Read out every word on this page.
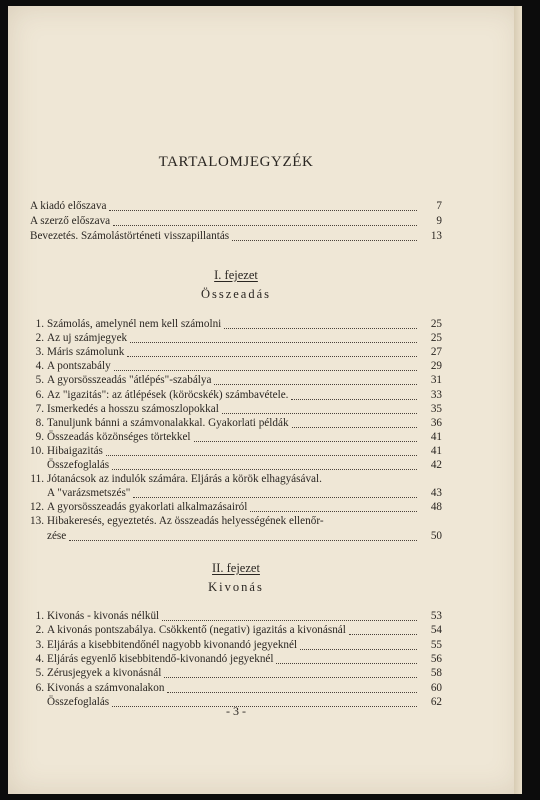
TARTALOMJEGYZÉK
I. fejezet
Összeadás
II. fejezet
Kivonás
- 3 -
A kiadó előszava	7
A szerző előszava	9
Bevezetés. Számolástörténeti visszapillantás	13
1. Számolás, amelynél nem kell számolni	25
2. Az uj számjegyek	25
3. Máris számolunk	27
4. A pontszabály	29
5. A gyorsösszeadás "átlépés"-szabálya	31
6. Az "igazitás": az átlépések (köröcskék) számbavétele.	33
7. Ismerkedés a hosszu számoszlopokkal	35
8. Tanuljunk bánni a számvonalakkal. Gyakorlati példák	36
9. Összeadás közönséges törtekkel	41
10. Hibaigazitás	41
Összefoglalás	42
11. Jótanácsok az indulók számára. Eljárás a körök elhagyásával.
A "varázsmetszés"	43
12. A gyorsösszeadás gyakorlati alkalmazásairól	48
13. Hibakeresés, egyeztetés. Az összeadás helyességének ellenőr-
zése	50
1. Kivonás - kivonás nélkül	53
2. A kivonás pontszabálya. Csökkentő (negativ) igazitás a kivonásnál	54
3. Eljárás a kisebbitendőnél nagyobb kivonandó jegyeknél	55
4. Eljárás egyenlő kisebbitendő-kivonandó jegyeknél	56
5. Zérusjegyek a kivonásnál	58
6. Kivonás a számvonalakon	60
Összefoglalás	62
